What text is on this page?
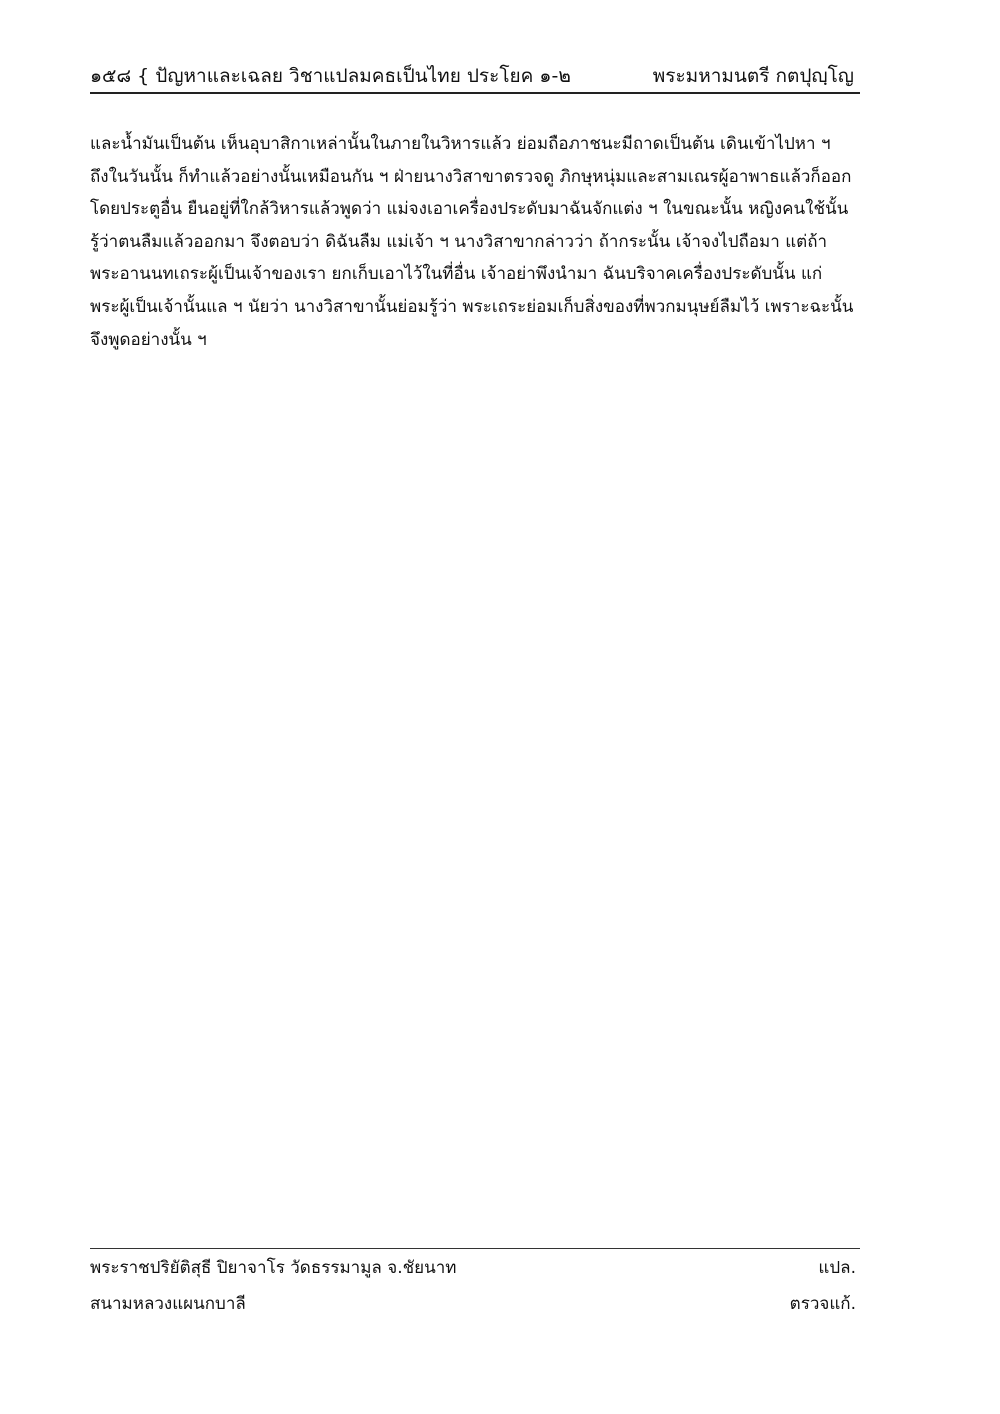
๑๕๘ { ปัญหาและเฉลย วิชาแปลมคธเป็นไทย ประโยค ๑-๒	พระมหามนตรี กตปุญฺโญ
และน้ำมันเป็นต้น เห็นอุบาสิกาเหล่านั้นในภายในวิหารแล้ว ย่อมถือภาชนะมีถาดเป็นต้น เดินเข้าไปหา ฯ
ถึงในวันนั้น ก็ทำแล้วอย่างนั้นเหมือนกัน ฯ ฝ่ายนางวิสาขาตรวจดู ภิกษุหนุ่มและสามเณรผู้อาพาธแล้วก็ออก
โดยประตูอื่น ยืนอยู่ที่ใกล้วิหารแล้วพูดว่า แม่จงเอาเครื่องประดับมาฉันจักแต่ง ฯ ในขณะนั้น หญิงคนใช้นั้น
รู้ว่าตนลืมแล้วออกมา จึงตอบว่า ดิฉันลืม แม่เจ้า ฯ นางวิสาขากล่าวว่า ถ้ากระนั้น เจ้าจงไปถือมา แต่ถ้า
พระอานนทเถระผู้เป็นเจ้าของเรา ยกเก็บเอาไว้ในที่อื่น เจ้าอย่าพึงนำมา ฉันบริจาคเครื่องประดับนั้น แก่
พระผู้เป็นเจ้านั้นแล ฯ นัยว่า นางวิสาขานั้นย่อมรู้ว่า พระเถระย่อมเก็บสิ่งของที่พวกมนุษย์ลืมไว้ เพราะฉะนั้น
จึงพูดอย่างนั้น ฯ
พระราชปริยัติสุธี ปิยาจาโร วัดธรรมามูล จ.ชัยนาท	แปล.
สนามหลวงแผนกบาลี	ตรวจแก้.
